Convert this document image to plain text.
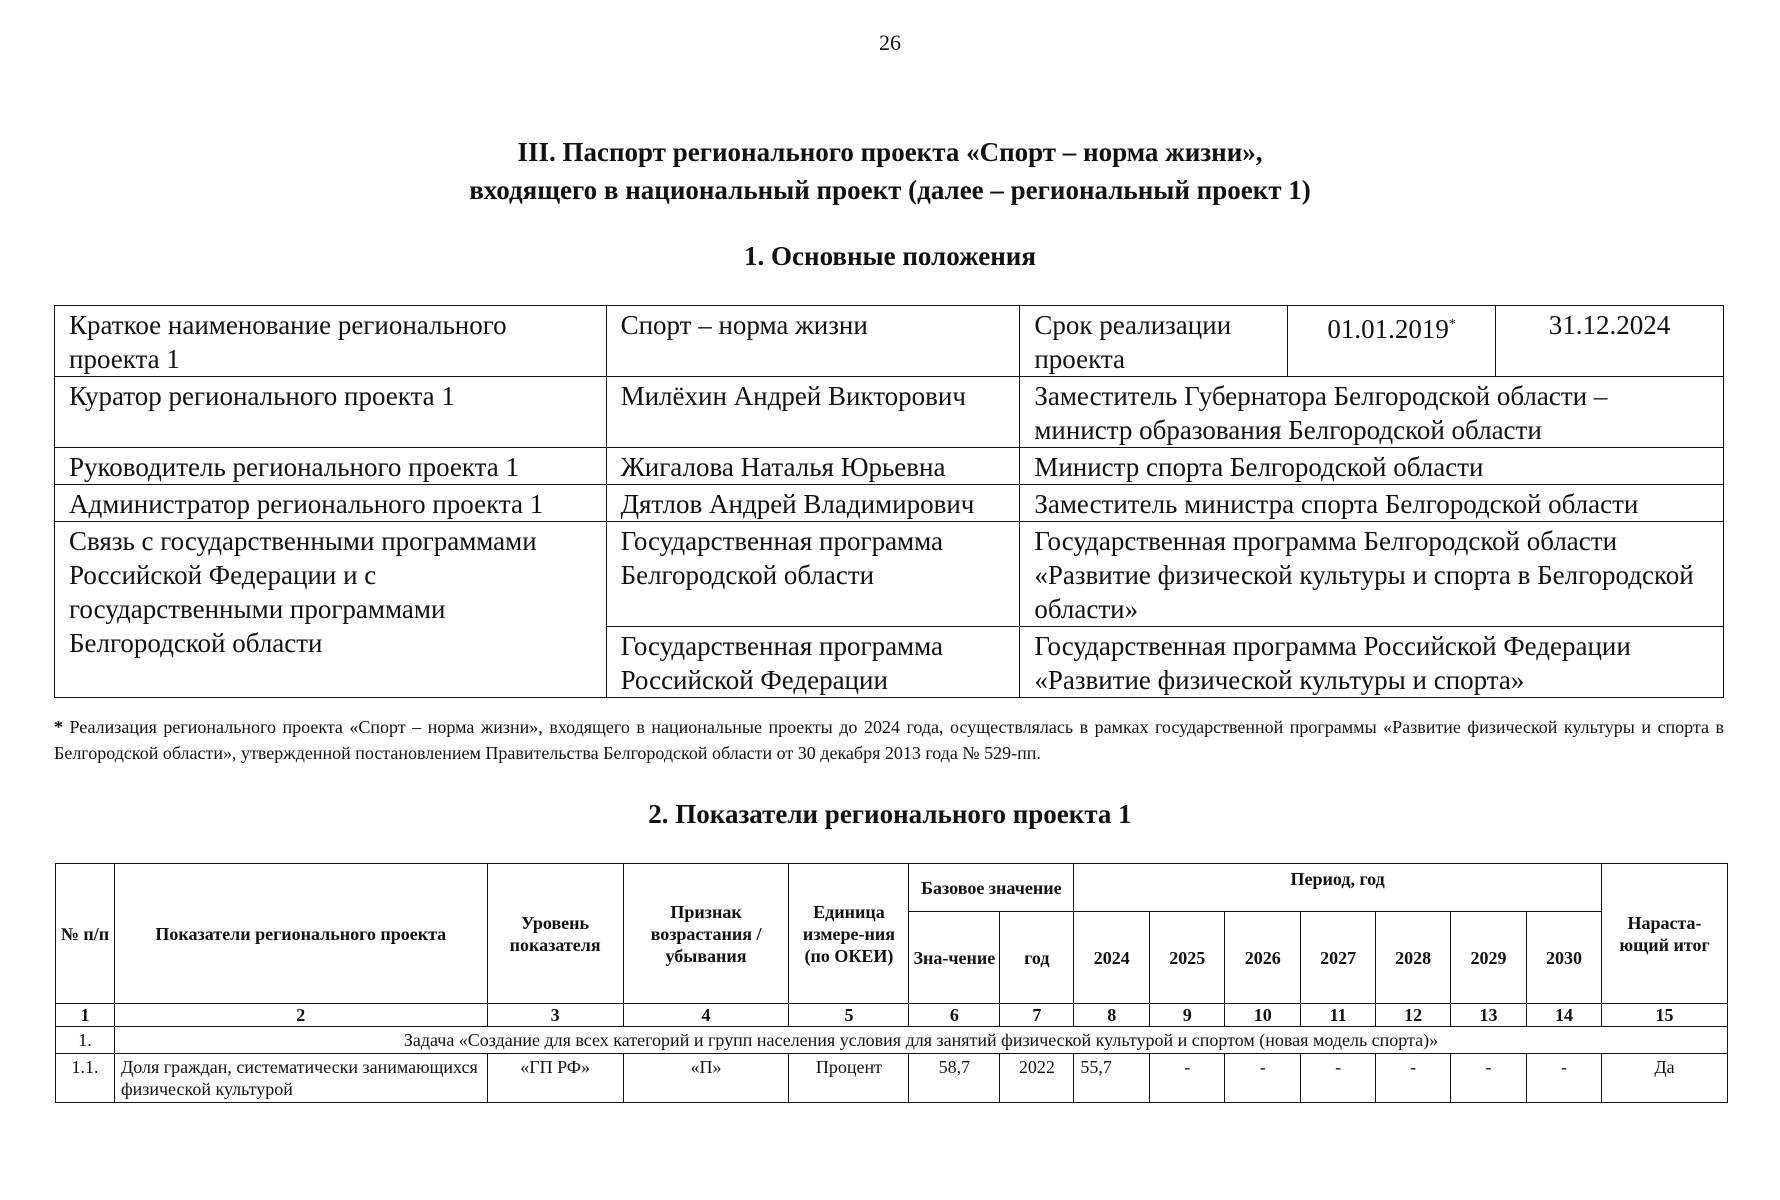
26
III. Паспорт регионального проекта «Спорт – норма жизни»,
входящего в национальный проект (далее – региональный проект 1)
1. Основные положения
Краткое наименование регионального проекта 1	Спорт – норма жизни	Срок реализации проекта	01.01.2019*	31.12.2024
Куратор регионального проекта 1	Милёхин Андрей Викторович	Заместитель Губернатора Белгородской области – министр образования Белгородской области		
Руководитель регионального проекта 1	Жигалова Наталья Юрьевна	Министр спорта Белгородской области		
Администратор регионального проекта 1	Дятлов Андрей Владимирович	Заместитель министра спорта Белгородской области		
Связь с государственными программами Российской Федерации и с государственными программами Белгородской области	Государственная программа Белгородской области	Государственная программа Белгородской области «Развитие физической культуры и спорта в Белгородской области»		
	Государственная программа Российской Федерации	Государственная программа Российской Федерации «Развитие физической культуры и спорта»		
* Реализация регионального проекта «Спорт – норма жизни», входящего в национальные проекты до 2024 года, осуществлялась в рамках государственной программы «Развитие физической культуры и спорта в Белгородской области», утвержденной постановлением Правительства Белгородской области от 30 декабря 2013 года № 529-пп.
2. Показатели регионального проекта 1
№ п/п	Показатели регионального проекта	Уровень показателя	Признак возрастания / убывания	Единица измере-ния (по ОКЕИ)	Базовое значение		Период, год							Нараста-ющий итог
					Зна-чение	год	2024	2025	2026	2027	2028	2029	2030	
1	2	3	4	5	6	7	8	9	10	11	12	13	14	15
1.	Задача «Создание для всех категорий и групп населения условия для занятий физической культурой и спортом (новая модель спорта)»													
1.1.	Доля граждан, систематически занимающихся физической культурой	«ГП РФ»	«П»	Процент	58,7	2022	55,7	-	-	-	-	-	-	Да
